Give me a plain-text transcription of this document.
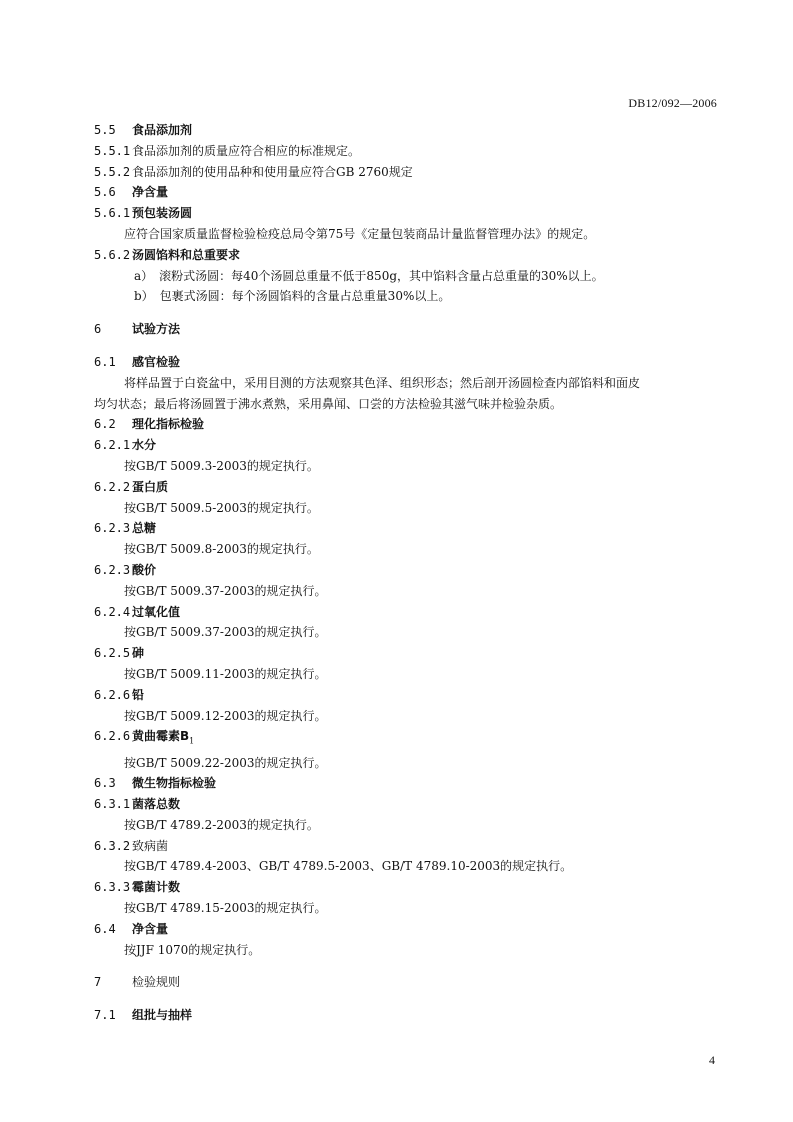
DB12/092—2006
5.5 食品添加剂
5.5.1 食品添加剂的质量应符合相应的标准规定。
5.5.2 食品添加剂的使用品种和使用量应符合GB 2760规定
5.6 净含量
5.6.1 预包装汤圆
应符合国家质量监督检验检疫总局令第75号《定量包装商品计量监督管理办法》的规定。
5.6.2 汤圆馅料和总重要求
a）　滚粉式汤圆：每40个汤圆总重量不低于850g，其中馅料含量占总重量的30%以上。
b）　包裹式汤圆：每个汤圆馅料的含量占总重量30%以上。
6	试验方法
6.1 感官检验
将样品置于白瓷盆中，采用目测的方法观察其色泽、组织形态；然后剖开汤圆检查内部馅料和面皮
均匀状态；最后将汤圆置于沸水煮熟，采用鼻闻、口尝的方法检验其滋气味并检验杂质。
6.2 理化指标检验
6.2.1 水分
按GB/T 5009.3-2003的规定执行。
6.2.2 蛋白质
按GB/T 5009.5-2003的规定执行。
6.2.3 总糖
按GB/T 5009.8-2003的规定执行。
6.2.3 酸价
按GB/T 5009.37-2003的规定执行。
6.2.4 过氧化值
按GB/T 5009.37-2003的规定执行。
6.2.5 砷
按GB/T 5009.11-2003的规定执行。
6.2.6 铅
按GB/T 5009.12-2003的规定执行。
6.2.6 黄曲霉素$B_1$
按GB/T 5009.22-2003的规定执行。
6.3 微生物指标检验
6.3.1 菌落总数
按GB/T 4789.2-2003的规定执行。
6.3.2 致病菌
按GB/T 4789.4-2003、GB/T 4789.5-2003、GB/T 4789.10-2003的规定执行。
6.3.3 霉菌计数
按GB/T 4789.15-2003的规定执行。
6.4 净含量
按JJF 1070的规定执行。
7	检验规则
7.1 组批与抽样
4
